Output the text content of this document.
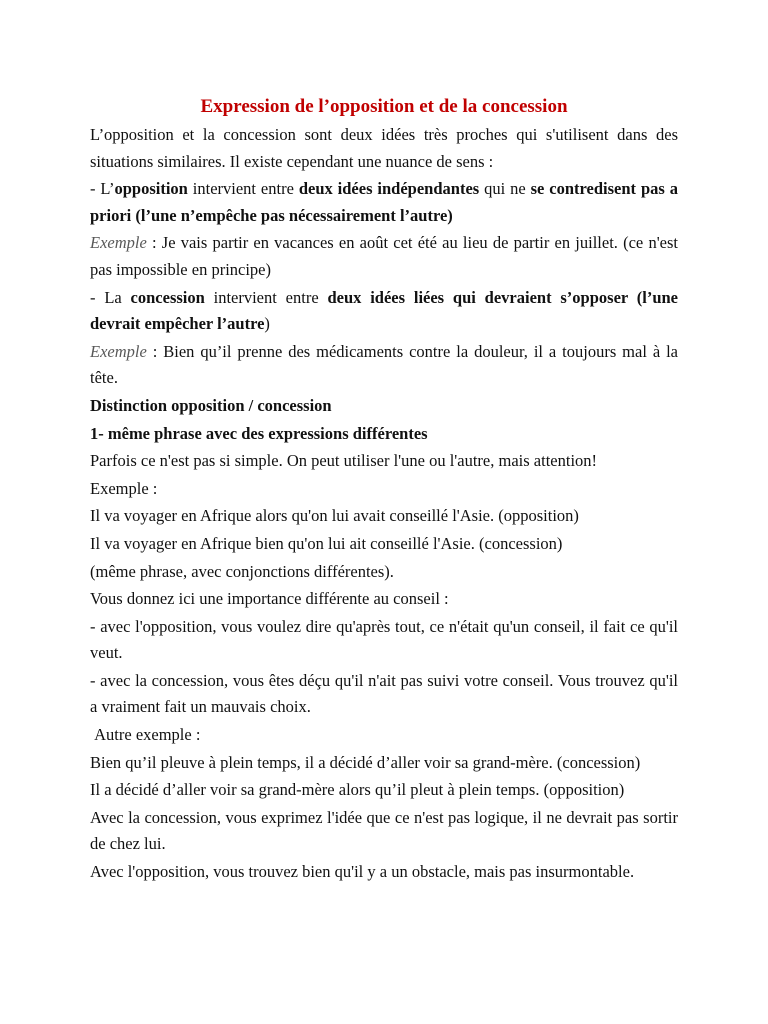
Expression de l’opposition et de la concession

L’opposition et la concession sont deux idées très proches qui s'utilisent dans des situations similaires. Il existe cependant une nuance de sens :

- L’opposition intervient entre deux idées indépendantes qui ne se contredisent pas a priori (l’une n’empêche pas nécessairement l’autre)

Exemple : Je vais partir en vacances en août cet été au lieu de partir en juillet. (ce n'est pas impossible en principe)

- La concession intervient entre deux idées liées qui devraient s’opposer (l’une devrait empêcher l’autre)

Exemple : Bien qu’il prenne des médicaments contre la douleur, il a toujours mal à la tête.

Distinction opposition / concession

1- même phrase avec des expressions différentes

Parfois ce n'est pas si simple. On peut utiliser l'une ou l'autre, mais attention!

Exemple :

Il va voyager en Afrique alors qu'on lui avait conseillé l'Asie. (opposition)

Il va voyager en Afrique bien qu'on lui ait conseillé l'Asie. (concession)

(même phrase, avec conjonctions différentes).

Vous donnez ici une importance différente au conseil :

- avec l'opposition, vous voulez dire qu'après tout, ce n'était qu'un conseil, il fait ce qu'il veut.

- avec la concession, vous êtes déçu qu'il n'ait pas suivi votre conseil. Vous trouvez qu'il a vraiment fait un mauvais choix.

Autre exemple :

Bien qu’il pleuve à plein temps, il a décidé d’aller voir sa grand-mère. (concession)

Il a décidé d’aller voir sa grand-mère alors qu’il pleut à plein temps. (opposition)

Avec la concession, vous exprimez l'idée que ce n'est pas logique, il ne devrait pas sortir de chez lui.

Avec l'opposition, vous trouvez bien qu'il y a un obstacle, mais pas insurmontable.
